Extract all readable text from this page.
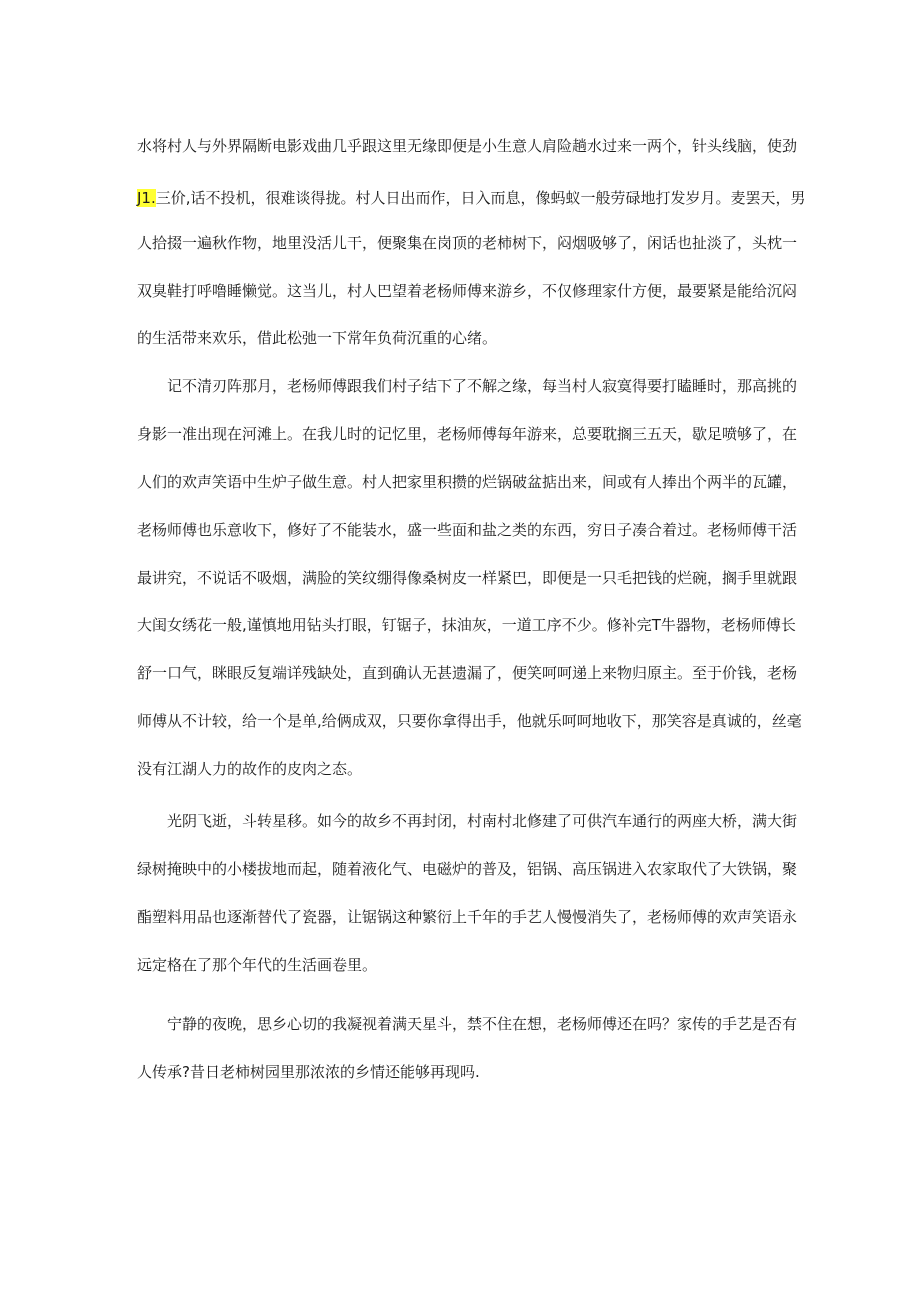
水将村人与外界隔断电影戏曲几乎跟这里无缘即便是小生意人肩险趟水过来一两个，针头线脑，使劲
J1.三价,话不投机，很难谈得拢。村人日出而作，日入而息，像蚂蚁一般劳碌地打发岁月。麦罢天，男
人拾掇一遍秋作物，地里没活儿干，便聚集在岗顶的老柿树下，闷烟吸够了，闲话也扯淡了，头枕一
双臭鞋打呼噜睡懒觉。这当儿，村人巴望着老杨师傅来游乡，不仅修理家什方便，最要紧是能给沉闷
的生活带来欢乐，借此松弛一下常年负荷沉重的心绪。
记不清刃阵那月，老杨师傅跟我们村子结下了不解之缘，每当村人寂寞得要打瞌睡时，那高挑的
身影一准出现在河滩上。在我儿时的记忆里，老杨师傅每年游来，总要耽搁三五天，歇足喷够了，在
人们的欢声笑语中生炉子做生意。村人把家里积攒的烂锅破盆掂出来，间或有人捧出个两半的瓦罐，
老杨师傅也乐意收下，修好了不能装水，盛一些面和盐之类的东西，穷日子凑合着过。老杨师傅干活
最讲究，不说话不吸烟，满脸的笑纹绷得像桑树皮一样紧巴，即便是一只毛把钱的烂碗，搁手里就跟
大闺女绣花一般,谨慎地用钻头打眼，钉锯子，抹油灰，一道工序不少。修补完T牛器物，老杨师傅长
舒一口气，眯眼反复端详残缺处，直到确认无甚遗漏了，便笑呵呵递上来物归原主。至于价钱，老杨
师傅从不计较，给一个是单,给俩成双，只要你拿得出手，他就乐呵呵地收下，那笑容是真诚的，丝毫
没有江湖人力的故作的皮肉之态。
光阴飞逝，斗转星移。如今的故乡不再封闭，村南村北修建了可供汽车通行的两座大桥，满大街
绿树掩映中的小楼拔地而起，随着液化气、电磁炉的普及，铝锅、高压锅进入农家取代了大铁锅，聚
酯塑料用品也逐渐替代了瓷器，让锯锅这种繁衍上千年的手艺人慢慢消失了，老杨师傅的欢声笑语永
远定格在了那个年代的生活画卷里。
宁静的夜晚，思乡心切的我凝视着满天星斗，禁不住在想，老杨师傅还在吗？家传的手艺是否有
人传承?昔日老柿树园里那浓浓的乡情还能够再现吗.
